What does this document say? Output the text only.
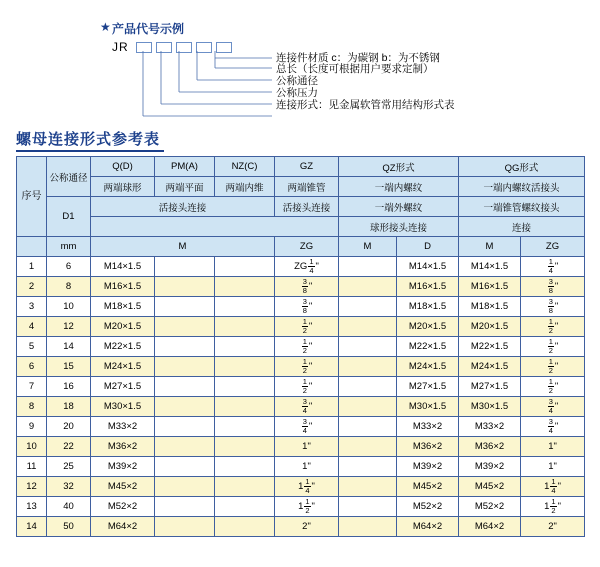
★ 产品代号示例
JR
连接件材质 c：为碳钢 b：为不锈钢
总长（长度可根据用户要求定制）
公称通径
公称压力
连接形式：见金属软管常用结构形式表
螺母连接形式参考表
序号	公称通径	Q(D)	PM(A)	NZ(C)	GZ	QZ形式		QG形式	
		两端球形	两端平面	两端内维	两端锥管	一端内螺纹		一端内螺纹活接头	
	D1	活接头连接			活接头连接	一端外螺纹		一端锥管螺纹接头	
						球形接头连接		连接	
	mm	M			ZG	M	D	M	ZG
1	6	M14×1.5			ZG $\frac{1}{4}$ "		M14×1.5	M14×1.5	$\frac{1}{4}$ "

2	8	M16×1.5			$\frac{3}{8}$ "		M16×1.5	M16×1.5	$\frac{3}{8}$ "

3	10	M18×1.5			$\frac{3}{8}$ "		M18×1.5	M18×1.5	$\frac{3}{8}$ "

4	12	M20×1.5			$\frac{1}{2}$ "		M20×1.5	M20×1.5	$\frac{1}{2}$ "

5	14	M22×1.5			$\frac{1}{2}$ "		M22×1.5	M22×1.5	$\frac{1}{2}$ "

6	15	M24×1.5			$\frac{1}{2}$ "		M24×1.5	M24×1.5	$\frac{1}{2}$ "

7	16	M27×1.5			$\frac{1}{2}$ "		M27×1.5	M27×1.5	$\frac{1}{2}$ "

8	18	M30×1.5			$\frac{3}{4}$ "		M30×1.5	M30×1.5	$\frac{3}{4}$ "

9	20	M33×2			$\frac{3}{4}$ "		M33×2	M33×2	$\frac{3}{4}$ "

10	22	M36×2			1"		M36×2	M36×2	1"

11	25	M39×2			1"		M39×2	M39×2	1"

12	32	M45×2			$1 \frac{1}{4}$ "		M45×2	M45×2	$1 \frac{1}{4}$ "

13	40	M52×2			$1 \frac{1}{2}$ "		M52×2	M52×2	$1 \frac{1}{2}$ "

14	50	M64×2			2"		M64×2	M64×2	2"
